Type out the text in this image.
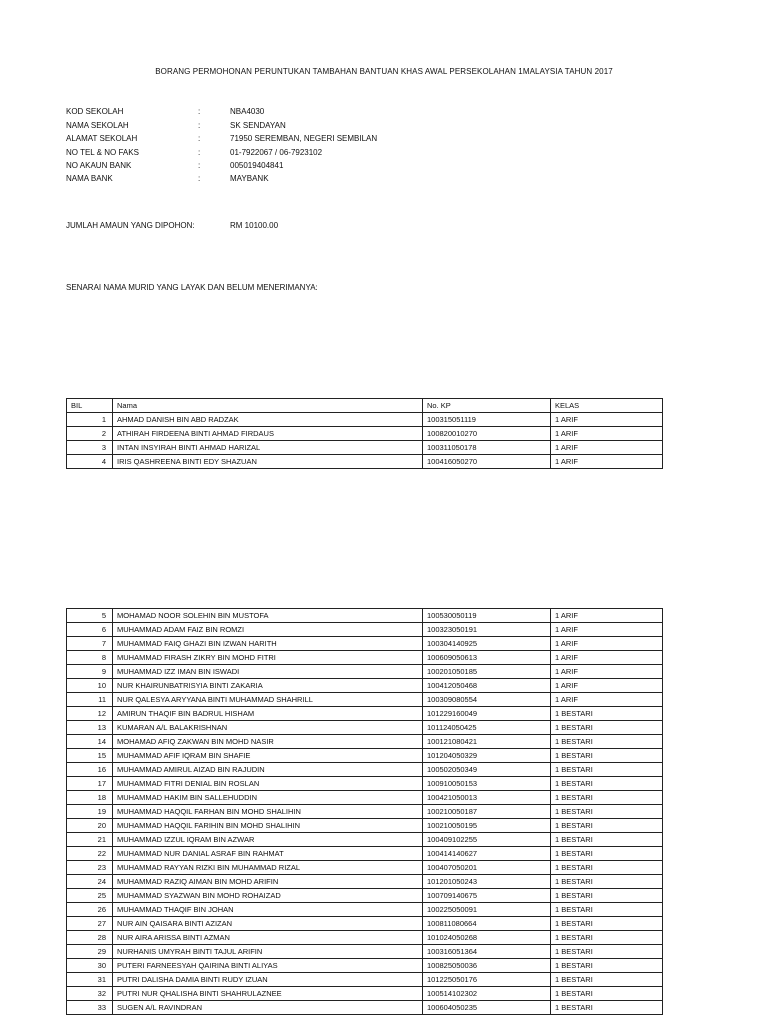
BORANG PERMOHONAN PERUNTUKAN TAMBAHAN BANTUAN KHAS AWAL PERSEKOLAHAN 1MALAYSIA TAHUN 2017
KOD SEKOLAH	:	NBA4030
NAMA SEKOLAH	:	SK SENDAYAN
ALAMAT SEKOLAH	:	71950 SEREMBAN, NEGERI SEMBILAN
NO TEL & NO FAKS	:	01-7922067 / 06-7923102
NO AKAUN BANK	:	005019404841
NAMA BANK	:	MAYBANK
JUMLAH AMAUN YANG DIPOHON:	RM 10100.00
SENARAI NAMA MURID YANG LAYAK DAN BELUM MENERIMANYA:
BIL	Nama	No. KP	KELAS
1	AHMAD DANISH BIN ABD RADZAK	100315051119	1 ARIF
2	ATHIRAH FIRDEENA BINTI AHMAD FIRDAUS	100820010270	1 ARIF
3	INTAN INSYIRAH BINTI AHMAD HARIZAL	100311050178	1 ARIF
4	IRIS QASHREENA BINTI EDY SHAZUAN	100416050270	1 ARIF
5	MOHAMAD NOOR SOLEHIN BIN MUSTOFA	100530050119	1 ARIF
6	MUHAMMAD ADAM FAIZ BIN ROMZI	100323050191	1 ARIF
7	MUHAMMAD FAIQ GHAZI BIN IZWAN HARITH	100304140925	1 ARIF
8	MUHAMMAD FIRASH ZIKRY BIN MOHD FITRI	100609050613	1 ARIF
9	MUHAMMAD IZZ IMAN BIN ISWADI	100201050185	1 ARIF
10	NUR KHAIRUNBATRISYIA BINTI ZAKARIA	100412050468	1 ARIF
11	NUR QALESYA ARYYANA BINTI MUHAMMAD SHAHRILL	100309080554	1 ARIF
12	AMIRUN THAQIF BIN BADRUL HISHAM	101229160049	1 BESTARI
13	KUMARAN A/L BALAKRISHNAN	101124050425	1 BESTARI
14	MOHAMAD AFIQ ZAKWAN BIN MOHD NASIR	100121080421	1 BESTARI
15	MUHAMMAD AFIF IQRAM BIN SHAFIE	101204050329	1 BESTARI
16	MUHAMMAD AMIRUL AIZAD BIN RAJUDIN	100502050349	1 BESTARI
17	MUHAMMAD FITRI DENIAL BIN ROSLAN	100910050153	1 BESTARI
18	MUHAMMAD HAKIM BIN SALLEHUDDIN	100421050013	1 BESTARI
19	MUHAMMAD HAQQIL FARHAN BIN MOHD SHALIHIN	100210050187	1 BESTARI
20	MUHAMMAD HAQQIL FARIHIN BIN MOHD SHALIHIN	100210050195	1 BESTARI
21	MUHAMMAD IZZUL IQRAM BIN AZWAR	100409102255	1 BESTARI
22	MUHAMMAD NUR DANIAL ASRAF BIN RAHMAT	100414140627	1 BESTARI
23	MUHAMMAD RAYYAN RIZKI BIN MUHAMMAD RIZAL	100407050201	1 BESTARI
24	MUHAMMAD RAZIQ AIMAN BIN MOHD ARIFIN	101201050243	1 BESTARI
25	MUHAMMAD SYAZWAN BIN MOHD ROHAIZAD	100709140675	1 BESTARI
26	MUHAMMAD THAQIF BIN JOHAN	100225050091	1 BESTARI
27	NUR AIN QAISARA BINTI AZIZAN	100811080664	1 BESTARI
28	NUR AIRA ARISSA BINTI AZMAN	101024050268	1 BESTARI
29	NURHANIS UMYRAH BINTI TAJUL ARIFIN	100316051364	1 BESTARI
30	PUTERI FARNEESYAH QAIRINA BINTI ALIYAS	100825050036	1 BESTARI
31	PUTRI DALISHA DAMIA BINTI RUDY IZUAN	101225050176	1 BESTARI
32	PUTRI NUR QHALISHA BINTI SHAHRULAZNEE	100514102302	1 BESTARI
33	SUGEN A/L RAVINDRAN	100604050235	1 BESTARI
